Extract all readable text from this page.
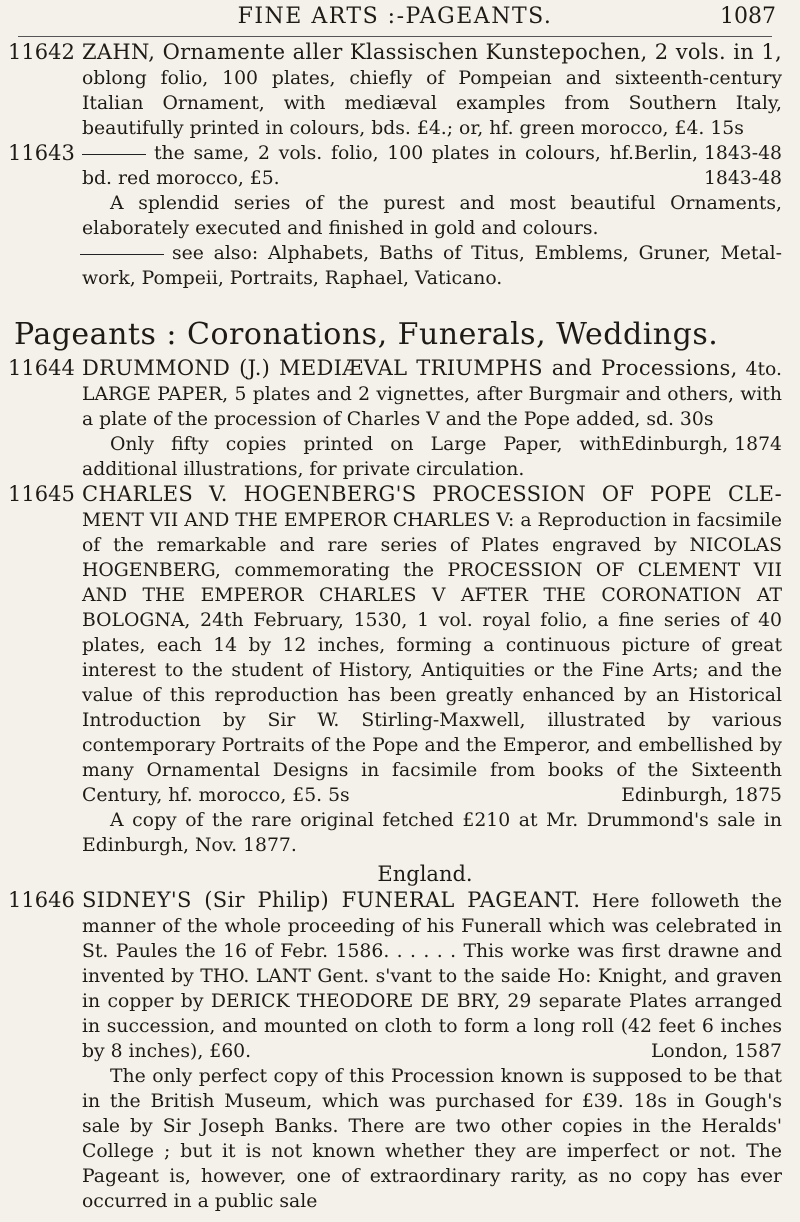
FINE ARTS :-PAGEANTS.	1087
11642 ZAHN, Ornamente aller Klassischen Kunstepochen, 2 vols. in 1, oblong folio, 100 plates, chiefly of Pompeian and sixteenth-century Italian Ornament, with mediæval examples from Southern Italy, beautifully printed in colours, bds. £4.; or, hf. green morocco, £4. 15s
Berlin, 1843-48

11643	the same, 2 vols. folio, 100 plates in colours, hf. bd. red morocco, £5.	1843-48

A splendid series of the purest and most beautiful Ornaments, elaborately executed and finished in gold and colours.

see also: Alphabets, Baths of Titus, Emblems, Gruner, Metal-work, Pompeii, Portraits, Raphael, Vaticano.

Pageants : Coronations, Funerals, Weddings.
11644 DRUMMOND (J.) MEDIÆVAL TRIUMPHS and Processions, 4to. LARGE PAPER, 5 plates and 2 vignettes, after Burgmair and others, with a plate of the procession of Charles V and the Pope added, sd. 30s
Edinburgh, 1874

Only fifty copies printed on Large Paper, with additional illustrations, for private circulation.

11645 CHARLES V. HOGENBERG'S PROCESSION OF POPE CLE- MENT VII AND THE EMPEROR CHARLES V: a Reproduction in facsimile of the remarkable and rare series of Plates engraved by NICOLAS HOGENBERG, commemorating the PROCESSION OF CLEMENT VII AND THE EMPEROR CHARLES V AFTER THE CORONATION AT BOLOGNA, 24th February, 1530, 1 vol. royal folio, a fine series of 40 plates, each 14 by 12 inches, forming a continuous picture of great interest to the student of History, Antiquities or the Fine Arts; and the value of this reproduction has been greatly enhanced by an Historical Introduction by Sir W. Stirling-Maxwell, illustrated by various contemporary Portraits of the Pope and the Emperor, and embellished by many Ornamental Designs in facsimile from books of the Sixteenth Century, hf. morocco, £5. 5s	Edinburgh, 1875

A copy of the rare original fetched £210 at Mr. Drummond's sale in Edinburgh, Nov. 1877.

England.
11646 SIDNEY'S (Sir Philip) FUNERAL PAGEANT. Here followeth the manner of the whole proceeding of his Funerall which was celebrated in St. Paules the 16 of Febr. 1586. . . . . . This worke was first drawne and invented by THO. LANT Gent. s'vant to the saide Ho: Knight, and graven in copper by DERICK THEODORE DE BRY, 29 separate Plates arranged in succession, and mounted on cloth to form a long roll (42 feet 6 inches by 8 inches), £60.	London, 1587

The only perfect copy of this Procession known is supposed to be that in the British Museum, which was purchased for £39. 18s in Gough's sale by Sir Joseph Banks. There are two other copies in the Heralds' College ; but it is not known whether they are imperfect or not. The Pageant is, however, one of extraordinary rarity, as no copy has ever occurred in a public sale
